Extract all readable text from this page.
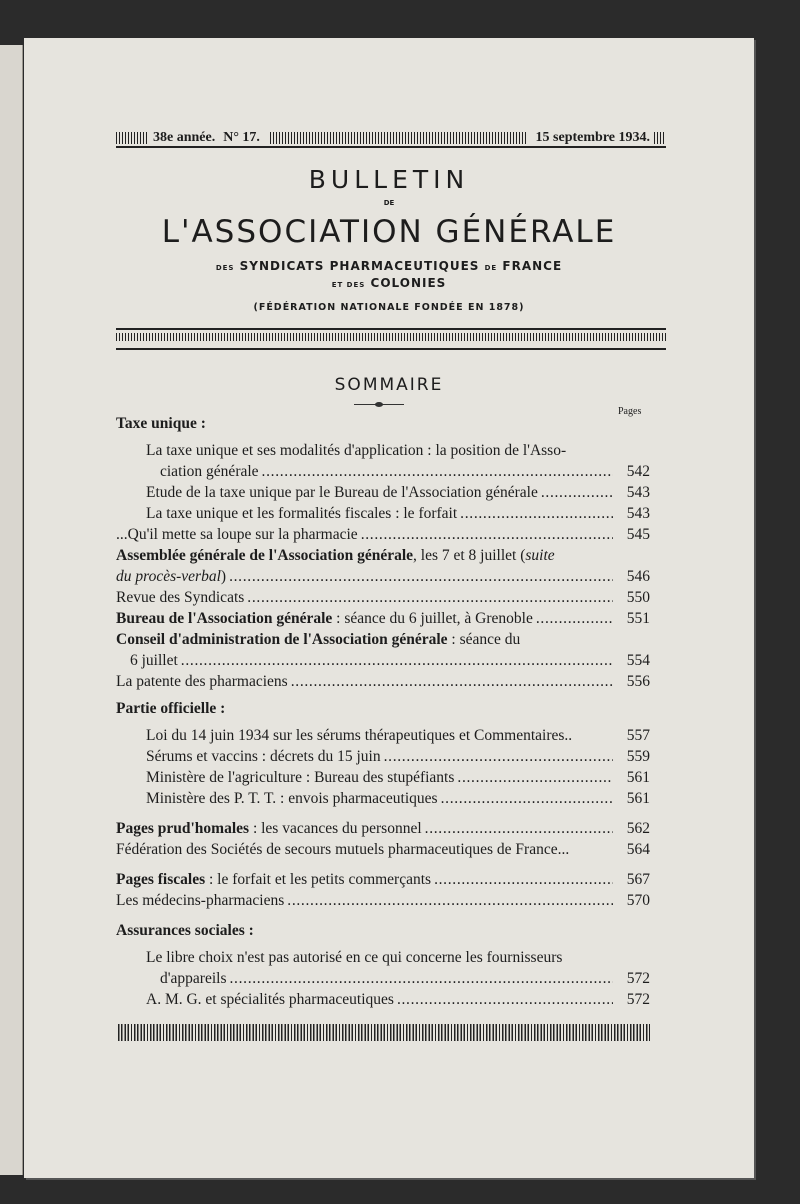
38e année. N° 17.	15 septembre 1934.
BULLETIN
DE
L'ASSOCIATION GÉNÉRALE
DES SYNDICATS PHARMACEUTIQUES DE FRANCE
ET DES COLONIES
(FÉDÉRATION NATIONALE FONDÉE EN 1878)
SOMMAIRE
Pages
Taxe unique :
La taxe unique et ses modalités d'application : la position de l'Asso-
ciation générale . . .	542
Etude de la taxe unique par le Bureau de l'Association générale . . .	543
La taxe unique et les formalités fiscales : le forfait . . .	543
...Qu'il mette sa loupe sur la pharmacie . . .	545
Assemblée générale de l'Association générale, les 7 et 8 juillet (suite
du procès-verbal) . . .	546
Revue des Syndicats . . .	550
Bureau de l'Association générale : séance du 6 juillet, à Grenoble . . .	551
Conseil d'administration de l'Association générale : séance du
6 juillet . . .	554
La patente des pharmaciens . . .	556
Partie officielle :
Loi du 14 juin 1934 sur les sérums thérapeutiques et Commentaires..	557
Sérums et vaccins : décrets du 15 juin . . .	559
Ministère de l'agriculture : Bureau des stupéfiants . . .	561
Ministère des P. T. T. : envois pharmaceutiques . . .	561
Pages prud'homales : les vacances du personnel . . .	562
Fédération des Sociétés de secours mutuels pharmaceutiques de France...	564
Pages fiscales : le forfait et les petits commerçants . . .	567
Les médecins-pharmaciens . . .	570
Assurances sociales :
Le libre choix n'est pas autorisé en ce qui concerne les fournisseurs
d'appareils . . .	572
A. M. G. et spécialités pharmaceutiques . . .	572
